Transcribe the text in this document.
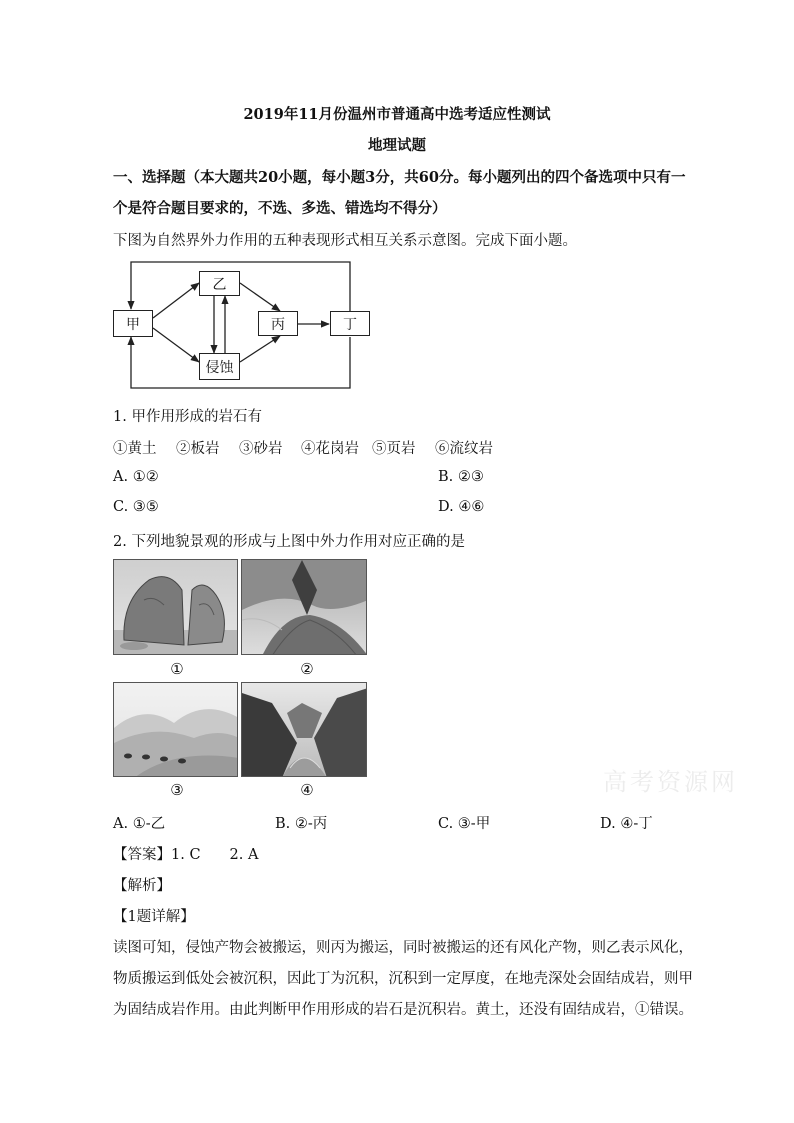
2019年11月份温州市普通高中选考适应性测试
地理试题
一、选择题（本大题共20小题，每小题3分，共60分。每小题列出的四个备选项中只有一
个是符合题目要求的，不选、多选、错选均不得分）
下图为自然界外力作用的五种表现形式相互关系示意图。完成下面小题。
甲
乙
丙	丁
侵蚀
1. 甲作用形成的岩石有
①黄土 ②板岩 ③砂岩 ④花岗岩 ⑤页岩 ⑥流纹岩
A. ①②	B. ②③
C. ③⑤	D. ④⑥
2. 下列地貌景观的形成与上图中外力作用对应正确的是
①	②
③	④	高考资源网
A. ①-乙	B. ②-丙	C. ③-甲	D. ④-丁
【答案】1. C　　2. A
【解析】
【1题详解】
读图可知，侵蚀产物会被搬运，则丙为搬运，同时被搬运的还有风化产物，则乙表示风化，
物质搬运到低处会被沉积，因此丁为沉积，沉积到一定厚度，在地壳深处会固结成岩，则甲
为固结成岩作用。由此判断甲作用形成的岩石是沉积岩。黄土，还没有固结成岩，①错误。
